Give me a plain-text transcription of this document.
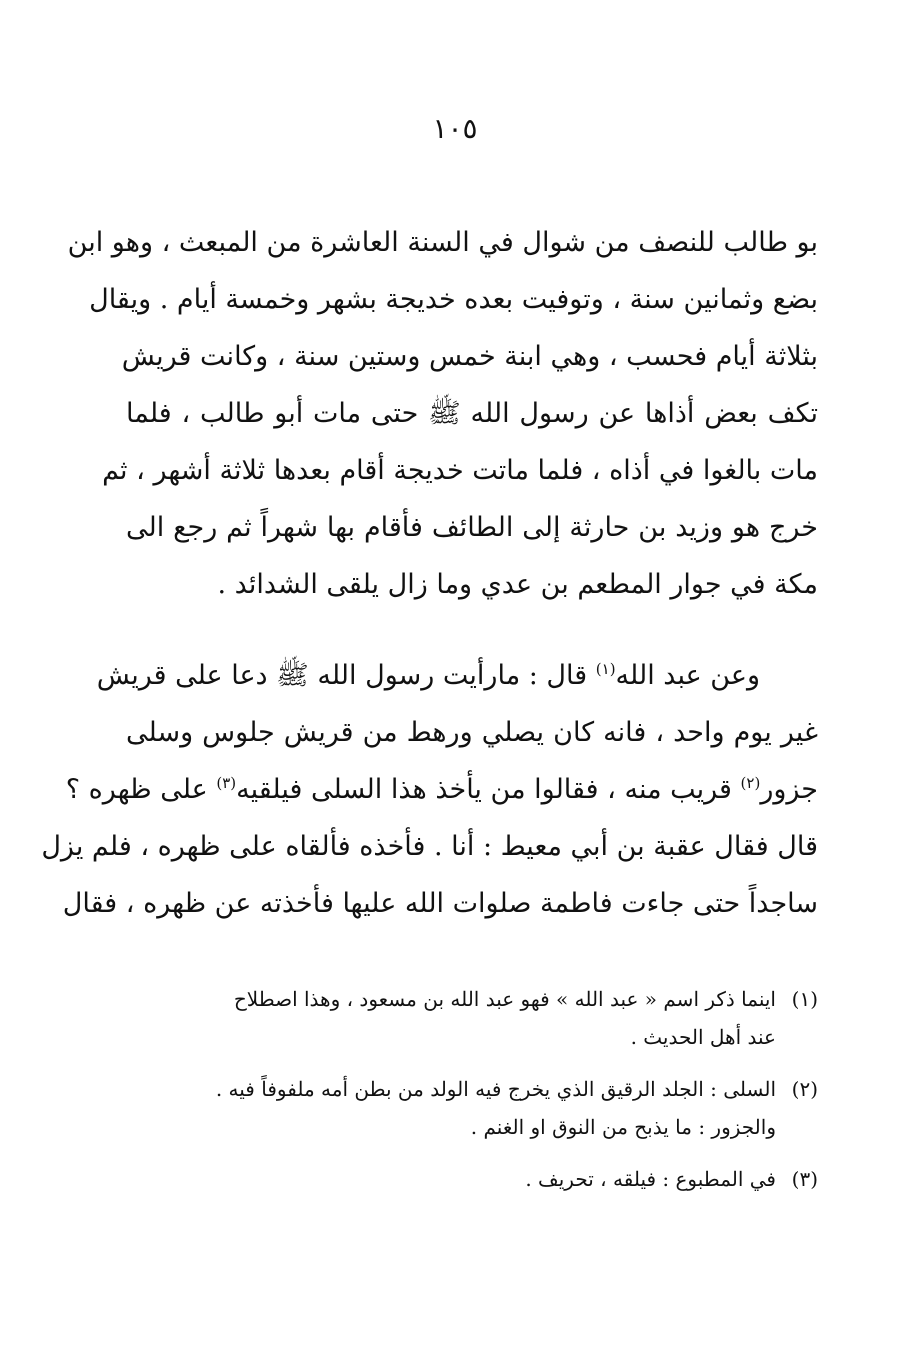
١٠٥
بو طالب للنصف من شوال في السنة العاشرة من المبعث ، وهو ابن
بضع وثمانين سنة ، وتوفيت بعده خديجة بشهر وخمسة أيام . ويقال
بثلاثة أيام فحسب ، وهي ابنة خمس وستين سنة ، وكانت قريش
تكف بعض أذاها عن رسول الله ﷺ حتى مات أبو طالب ، فلما
مات بالغوا في أذاه ، فلما ماتت خديجة أقام بعدها ثلاثة أشهر ، ثم
خرج هو وزيد بن حارثة إلى الطائف فأقام بها شهراً ثم رجع الى
مكة في جوار المطعم بن عدي وما زال يلقى الشدائد .
وعن عبد الله$^{(١)}$ قال : مارأيت رسول الله ﷺ دعا على قريش
غير يوم واحد ، فانه كان يصلي ورهط من قريش جلوس وسلى
جزور$^{(٢)}$ قريب منه ، فقالوا من يأخذ هذا السلى فيلقيه$^{(٣)}$ على ظهره ؟
قال فقال عقبة بن أبي معيط : أنا . فأخذه فألقاه على ظهره ، فلم يزل
ساجداً حتى جاءت فاطمة صلوات الله عليها فأخذته عن ظهره ، فقال
(١)اينما ذكر اسم « عبد الله » فهو عبد الله بن مسعود ، وهذا اصطلاح
عند أهل الحديث .
(٢)السلى : الجلد الرقيق الذي يخرج فيه الولد من بطن أمه ملفوفاً فيه .
والجزور : ما يذبح من النوق او الغنم .
(٣)في المطبوع : فيلقه ، تحريف .
